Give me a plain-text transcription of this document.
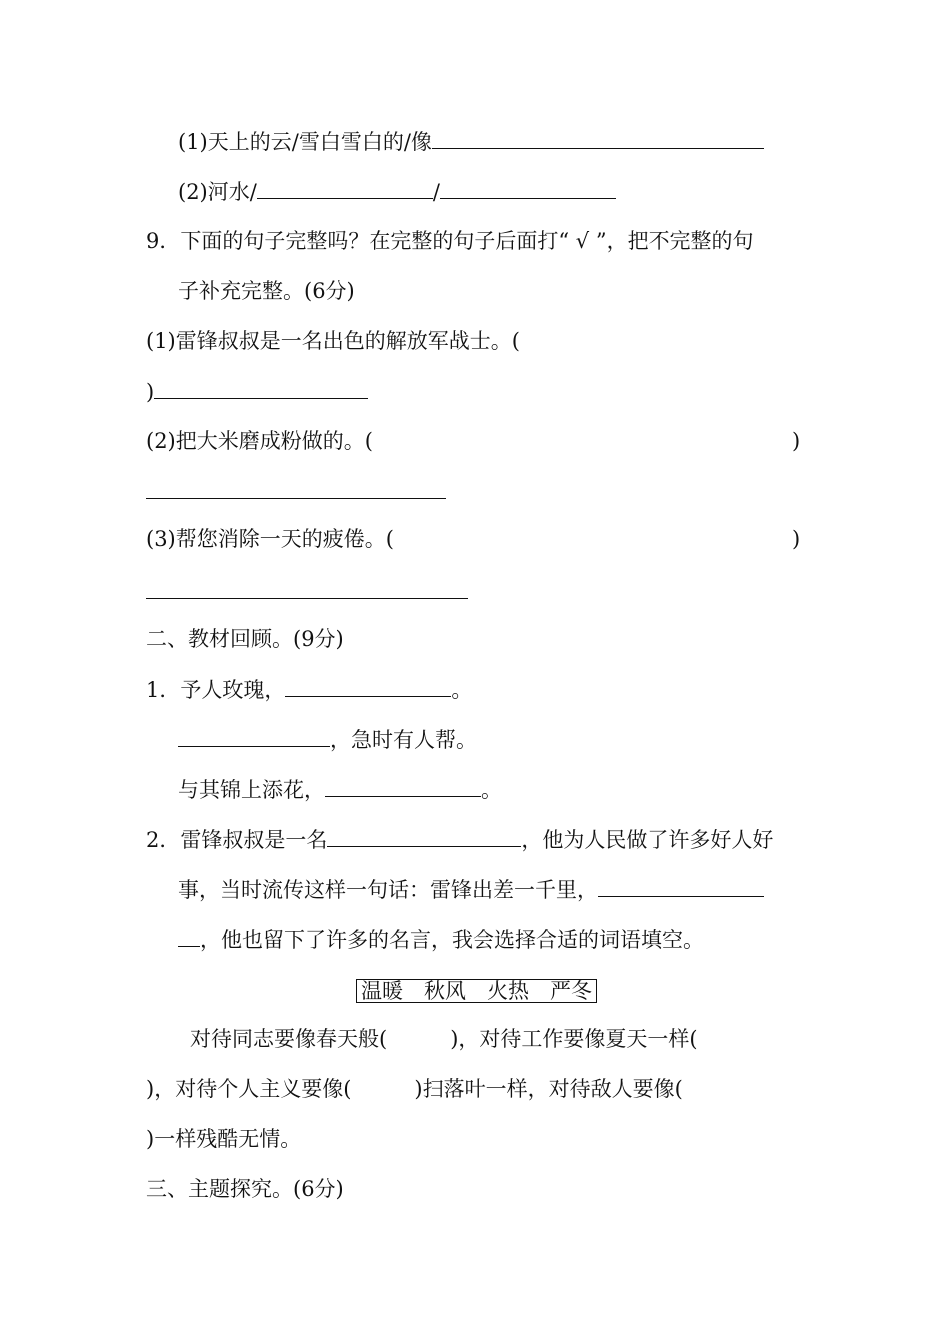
(1)天上的云/雪白雪白的/像
(2)河水/	/
9．下面的句子完整吗？在完整的句子后面打“ √ ”，把不完整的句
子补充完整。(6分)
(1)雷锋叔叔是一名出色的解放军战士。(
)
(2)把大米磨成粉做的。(	)
(3)帮您消除一天的疲倦。(	)
二、教材回顾。(9分)
1．予人玫瑰，	。
，急时有人帮。
与其锦上添花，	。
2．雷锋叔叔是一名	，他为人民做了许多好人好
事，当时流传这样一句话：雷锋出差一千里，
，他也留下了许多的名言，我会选择合适的词语填空。
温暖　秋风　火热　严冬
对待同志要像春天般(　　　)，对待工作要像夏天一样(
)，对待个人主义要像(　　　)扫落叶一样，对待敌人要像(
)一样残酷无情。
三、主题探究。(6分)
